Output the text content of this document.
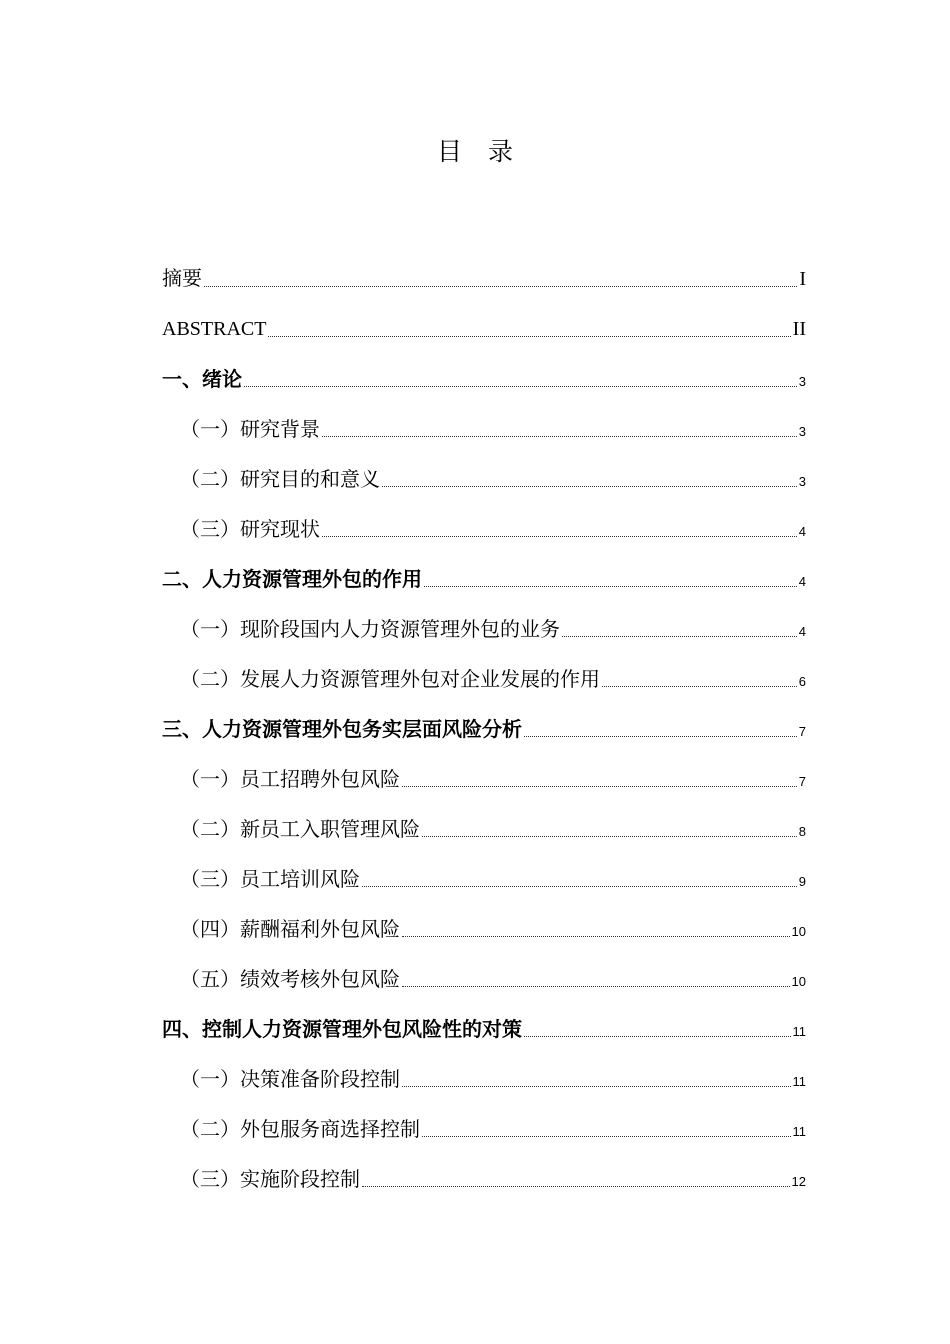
目录
摘要	I
ABSTRACT	II
一、绪论	3
（一）研究背景	3
（二）研究目的和意义	3
（三）研究现状	4
二、人力资源管理外包的作用	4
（一）现阶段国内人力资源管理外包的业务	4
（二）发展人力资源管理外包对企业发展的作用	6
三、人力资源管理外包务实层面风险分析	7
（一）员工招聘外包风险	7
（二）新员工入职管理风险	8
（三）员工培训风险	9
（四）薪酬福利外包风险	10
（五）绩效考核外包风险	10
四、控制人力资源管理外包风险性的对策	11
（一）决策准备阶段控制	11
（二）外包服务商选择控制	11
（三）实施阶段控制	12
